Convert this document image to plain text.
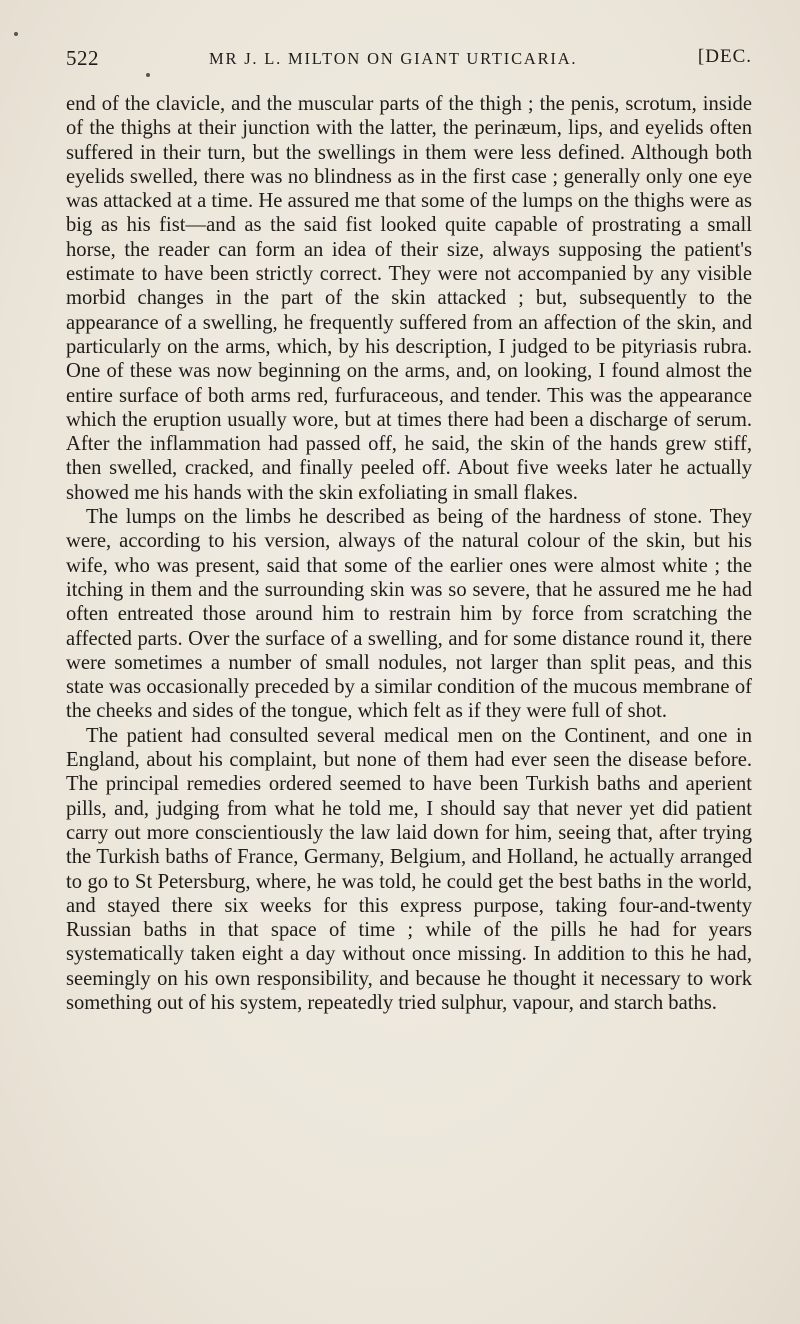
522	MR J. L. MILTON ON GIANT URTICARIA.	[DEC.

end of the clavicle, and the muscular parts of the thigh ; the penis, scrotum, inside of the thighs at their junction with the latter, the perinæum, lips, and eyelids often suffered in their turn, but the swellings in them were less defined. Although both eyelids swelled, there was no blindness as in the first case ; generally only one eye was attacked at a time. He assured me that some of the lumps on the thighs were as big as his fist—and as the said fist looked quite capable of prostrating a small horse, the reader can form an idea of their size, always supposing the patient's estimate to have been strictly correct. They were not accompanied by any visible morbid changes in the part of the skin attacked ; but, subsequently to the appearance of a swelling, he frequently suffered from an affection of the skin, and particularly on the arms, which, by his description, I judged to be pityriasis rubra. One of these was now beginning on the arms, and, on looking, I found almost the entire surface of both arms red, furfuraceous, and tender. This was the appearance which the eruption usually wore, but at times there had been a discharge of serum. After the inflammation had passed off, he said, the skin of the hands grew stiff, then swelled, cracked, and finally peeled off. About five weeks later he actually showed me his hands with the skin exfoliating in small flakes.

The lumps on the limbs he described as being of the hardness of stone. They were, according to his version, always of the natural colour of the skin, but his wife, who was present, said that some of the earlier ones were almost white ; the itching in them and the surrounding skin was so severe, that he assured me he had often entreated those around him to restrain him by force from scratching the affected parts. Over the surface of a swelling, and for some distance round it, there were sometimes a number of small nodules, not larger than split peas, and this state was occasionally preceded by a similar condition of the mucous membrane of the cheeks and sides of the tongue, which felt as if they were full of shot.

The patient had consulted several medical men on the Continent, and one in England, about his complaint, but none of them had ever seen the disease before. The principal remedies ordered seemed to have been Turkish baths and aperient pills, and, judging from what he told me, I should say that never yet did patient carry out more conscientiously the law laid down for him, seeing that, after trying the Turkish baths of France, Germany, Belgium, and Holland, he actually arranged to go to St Petersburg, where, he was told, he could get the best baths in the world, and stayed there six weeks for this express purpose, taking four-and-twenty Russian baths in that space of time ; while of the pills he had for years systematically taken eight a day without once missing. In addition to this he had, seemingly on his own responsibility, and because he thought it necessary to work something out of his system, repeatedly tried sulphur, vapour, and starch baths.
